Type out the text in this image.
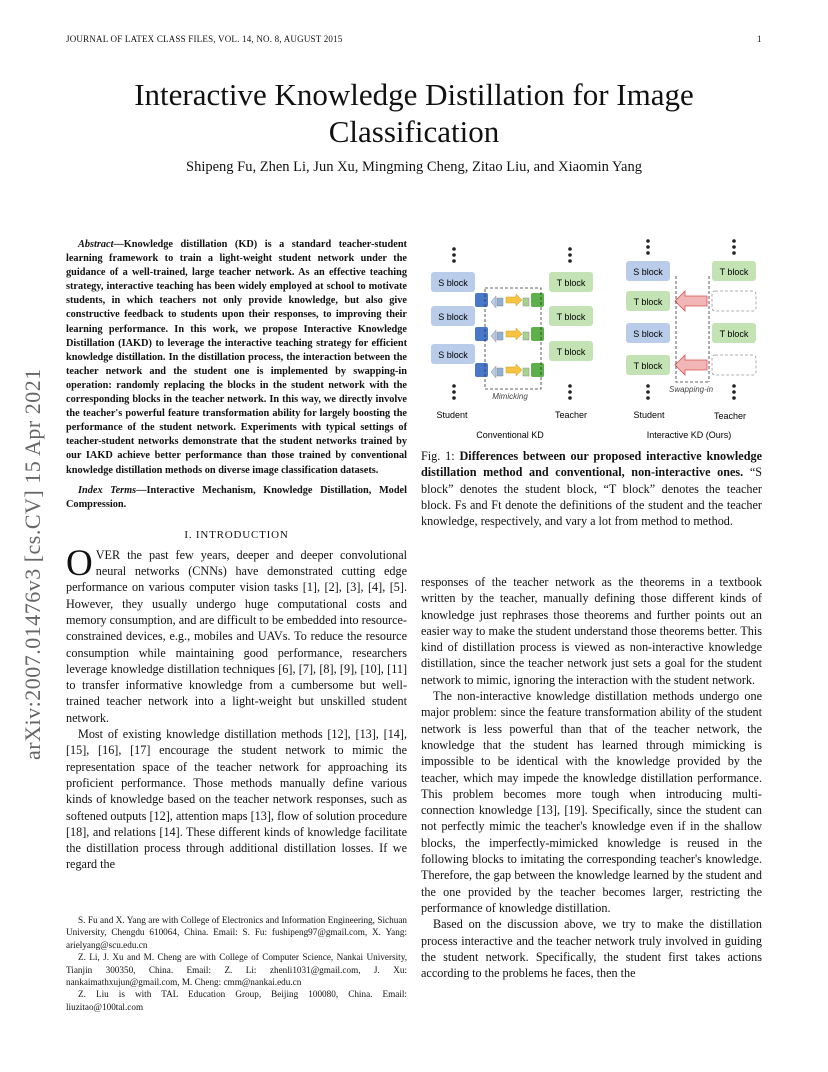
JOURNAL OF LATEX CLASS FILES, VOL. 14, NO. 8, AUGUST 2015	1
Interactive Knowledge Distillation for Image Classification
Shipeng Fu, Zhen Li, Jun Xu, Mingming Cheng, Zitao Liu, and Xiaomin Yang
arXiv:2007.01476v3 [cs.CV] 15 Apr 2021

Abstract—Knowledge distillation (KD) is a standard teacher-student learning framework to train a light-weight student network under the guidance of a well-trained, large teacher network. As an effective teaching strategy, interactive teaching has been widely employed at school to motivate students, in which teachers not only provide knowledge, but also give constructive feedback to students upon their responses, to improving their learning performance. In this work, we propose Interactive Knowledge Distillation (IAKD) to leverage the interactive teaching strategy for efficient knowledge distillation. In the distillation process, the interaction between the teacher network and the student one is implemented by swapping-in operation: randomly replacing the blocks in the student network with the corresponding blocks in the teacher network. In this way, we directly involve the teacher's powerful feature transformation ability for largely boosting the performance of the student network. Experiments with typical settings of teacher-student networks demonstrate that the student networks trained by our IAKD achieve better performance than those trained by conventional knowledge distillation methods on diverse image classification datasets.

Index Terms—Interactive Mechanism, Knowledge Distillation, Model Compression.

I. INTRODUCTION

OVER the past few years, deeper and deeper convolutional neural networks (CNNs) have demonstrated cutting edge performance on various computer vision tasks [1], [2], [3], [4], [5]. However, they usually undergo huge computational costs and memory consumption, and are difficult to be embedded into resource-constrained devices, e.g., mobiles and UAVs. To reduce the resource consumption while maintaining good performance, researchers leverage knowledge distillation techniques [6], [7], [8], [9], [10], [11] to transfer informative knowledge from a cumbersome but well-trained teacher network into a light-weight but unskilled student network.

Most of existing knowledge distillation methods [12], [13], [14], [15], [16], [17] encourage the student network to mimic the representation space of the teacher network for approaching its proficient performance. Those methods manually define various kinds of knowledge based on the teacher network responses, such as softened outputs [12], attention maps [13], flow of solution procedure [18], and relations [14]. These different kinds of knowledge facilitate the distillation process through additional distillation losses. If we regard the

S. Fu and X. Yang are with College of Electronics and Information Engineering, Sichuan University, Chengdu 610064, China. Email: S. Fu: fushipeng97@gmail.com, X. Yang: arielyang@scu.edu.cn

Z. Li, J. Xu and M. Cheng are with College of Computer Science, Nankai University, Tianjin 300350, China. Email: Z. Li: zhenli1031@gmail.com, J. Xu: nankaimathxujun@gmail.com, M. Cheng: cmm@nankai.edu.cn

Z. Liu is with TAL Education Group, Beijing 100080, China. Email: liuzitao@100tal.com

S block	T block
S block	T block
S block	T block
Mimicking
Student	Teacher
Conventional KD
S block
T block
S block
T block
T block
T block
Swapping-in
Student	Teacher
Interactive KD (Ours)
Fig. 1: Differences between our proposed interactive knowledge distillation method and conventional, non-interactive ones. “S block” denotes the student block, “T block” denotes the teacher block. Fs and Ft denote the definitions of the student and the teacher knowledge, respectively, and vary a lot from method to method.

responses of the teacher network as the theorems in a textbook written by the teacher, manually defining those different kinds of knowledge just rephrases those theorems and further points out an easier way to make the student understand those theorems better. This kind of distillation process is viewed as non-interactive knowledge distillation, since the teacher network just sets a goal for the student network to mimic, ignoring the interaction with the student network.

The non-interactive knowledge distillation methods undergo one major problem: since the feature transformation ability of the student network is less powerful than that of the teacher network, the knowledge that the student has learned through mimicking is impossible to be identical with the knowledge provided by the teacher, which may impede the knowledge distillation performance. This problem becomes more tough when introducing multi-connection knowledge [13], [19]. Specifically, since the student can not perfectly mimic the teacher's knowledge even if in the shallow blocks, the imperfectly-mimicked knowledge is reused in the following blocks to imitating the corresponding teacher's knowledge. Therefore, the gap between the knowledge learned by the student and the one provided by the teacher becomes larger, restricting the performance of knowledge distillation.

Based on the discussion above, we try to make the distillation process interactive and the teacher network truly involved in guiding the student network. Specifically, the student first takes actions according to the problems he faces, then the
